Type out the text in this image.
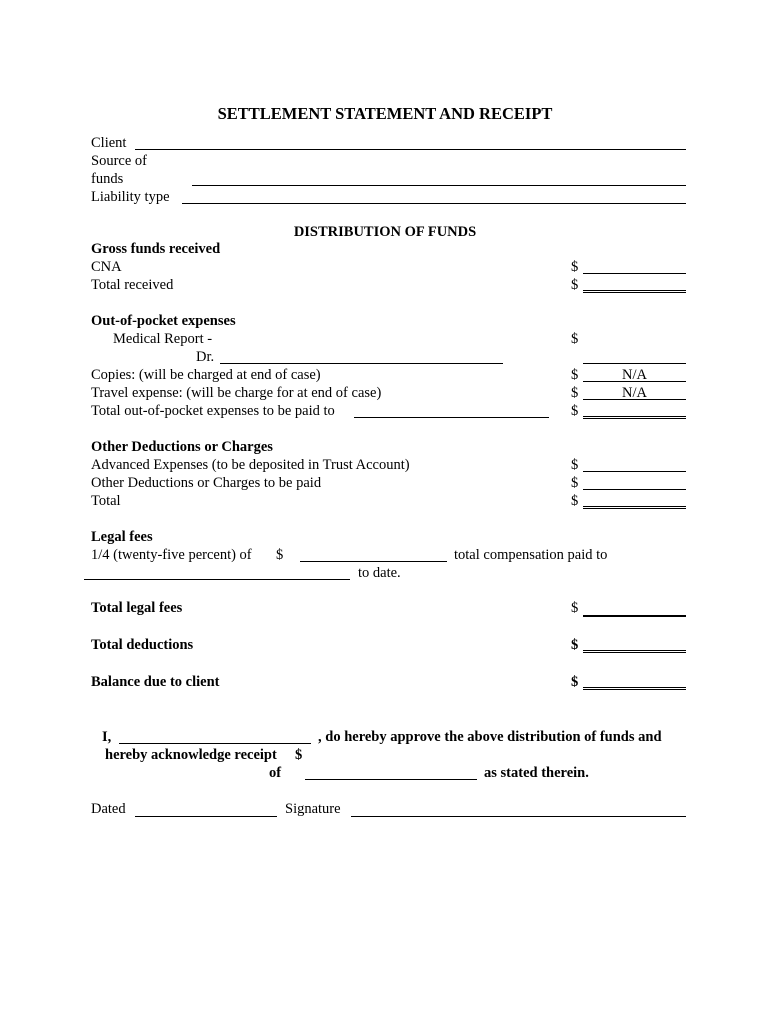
SETTLEMENT STATEMENT AND RECEIPT
Client
Source of
funds
Liability type
DISTRIBUTION OF FUNDS
Gross funds received
CNA	$
Total received	$
Out-of-pocket expenses
Medical Report -	$
Dr.
Copies: (will be charged at end of case)	$	N/A
Travel expense: (will be charge for at end of case)	$	N/A
Total out-of-pocket expenses to be paid to	$
Other Deductions or Charges
Advanced Expenses (to be deposited in Trust Account)	$
Other Deductions or Charges to be paid	$
Total	$
Legal fees
1/4 (twenty-five percent) of $	total compensation paid to
to date.
Total legal fees	$
Total deductions	$
Balance due to client	$
I,	, do hereby approve the above distribution of funds and
hereby acknowledge receipt $
of	as stated therein.
Dated	Signature
